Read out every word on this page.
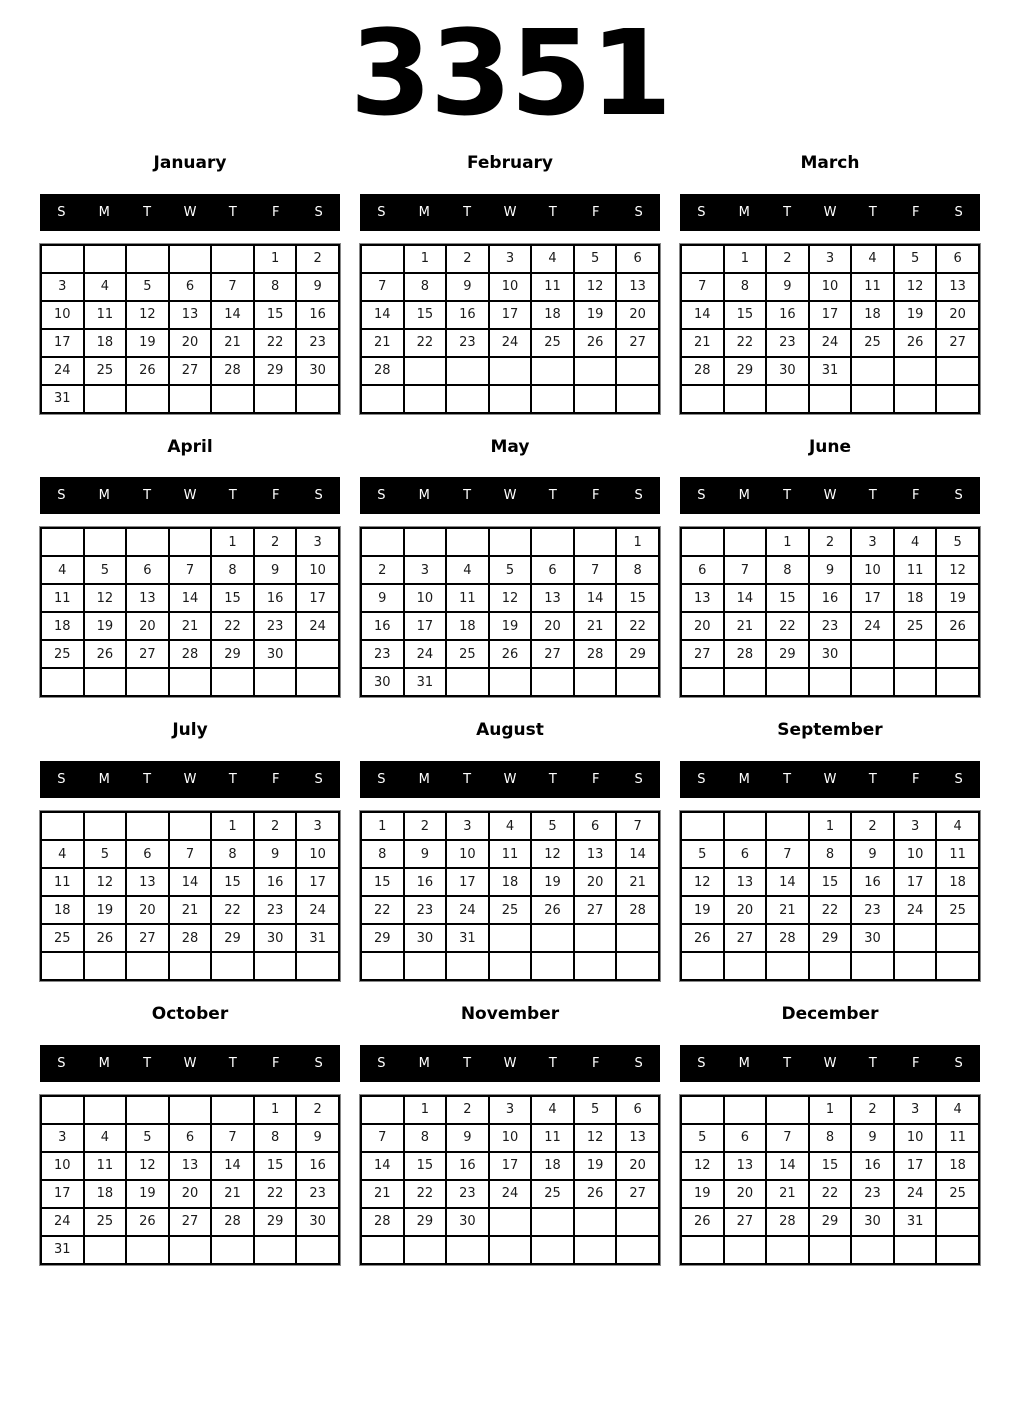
3351
January
S	M	T	W	T	F	S
					1	2
3	4	5	6	7	8	9
10	11	12	13	14	15	16
17	18	19	20	21	22	23
24	25	26	27	28	29	30
31						
February
S	M	T	W	T	F	S
	1	2	3	4	5	6
7	8	9	10	11	12	13
14	15	16	17	18	19	20
21	22	23	24	25	26	27
28						

March
S	M	T	W	T	F	S
	1	2	3	4	5	6
7	8	9	10	11	12	13
14	15	16	17	18	19	20
21	22	23	24	25	26	27
28	29	30	31			

April
S	M	T	W	T	F	S
				1	2	3
4	5	6	7	8	9	10
11	12	13	14	15	16	17
18	19	20	21	22	23	24
25	26	27	28	29	30	

May
S	M	T	W	T	F	S
						1
2	3	4	5	6	7	8
9	10	11	12	13	14	15
16	17	18	19	20	21	22
23	24	25	26	27	28	29
30	31					
June
S	M	T	W	T	F	S
		1	2	3	4	5
6	7	8	9	10	11	12
13	14	15	16	17	18	19
20	21	22	23	24	25	26
27	28	29	30			

July
S	M	T	W	T	F	S
				1	2	3
4	5	6	7	8	9	10
11	12	13	14	15	16	17
18	19	20	21	22	23	24
25	26	27	28	29	30	31

August
S	M	T	W	T	F	S
1	2	3	4	5	6	7
8	9	10	11	12	13	14
15	16	17	18	19	20	21
22	23	24	25	26	27	28
29	30	31				

September
S	M	T	W	T	F	S
			1	2	3	4
5	6	7	8	9	10	11
12	13	14	15	16	17	18
19	20	21	22	23	24	25
26	27	28	29	30		

October
S	M	T	W	T	F	S
					1	2
3	4	5	6	7	8	9
10	11	12	13	14	15	16
17	18	19	20	21	22	23
24	25	26	27	28	29	30
31						
November
S	M	T	W	T	F	S
	1	2	3	4	5	6
7	8	9	10	11	12	13
14	15	16	17	18	19	20
21	22	23	24	25	26	27
28	29	30				

December
S	M	T	W	T	F	S
			1	2	3	4
5	6	7	8	9	10	11
12	13	14	15	16	17	18
19	20	21	22	23	24	25
26	27	28	29	30	31	
